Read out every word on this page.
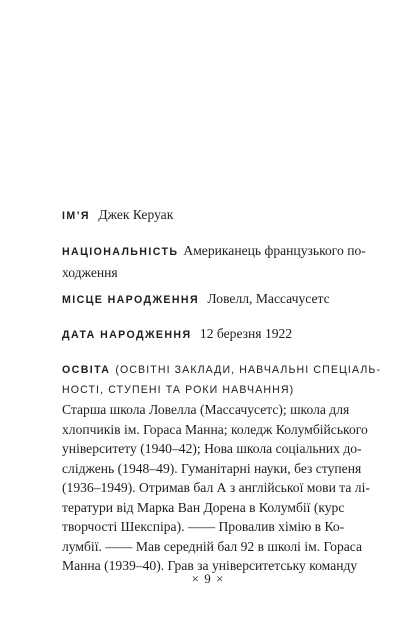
ІМ’Я Джек Керуак
НАЦІОНАЛЬНІСТЬ Американець французького по-
ходження
МІСЦЕ НАРОДЖЕННЯ Ловелл, Массачусетс
ДАТА НАРОДЖЕННЯ 12 березня 1922
ОСВІТА (ОСВІТНІ ЗАКЛАДИ, НАВЧАЛЬНІ СПЕЦІАЛЬ-
НОСТІ, СТУПЕНІ ТА РОКИ НАВЧАННЯ)
Старша школа Ловелла (Массачусетс); школа для
хлопчиків ім. Гораса Манна; коледж Колумбійського
університету (1940–42); Нова школа соціальних до-
сліджень (1948–49). Гуманітарні науки, без ступеня
(1936–1949). Отримав бал А з англійської мови та лі-
тератури від Марка Ван Дорена в Колумбії (курс
творчості Шекспіра). —— Провалив хімію в Ко-
лумбії. —— Мав середній бал 92 в школі ім. Гораса
Манна (1939–40). Грав за університетську команду
× 9 ×
